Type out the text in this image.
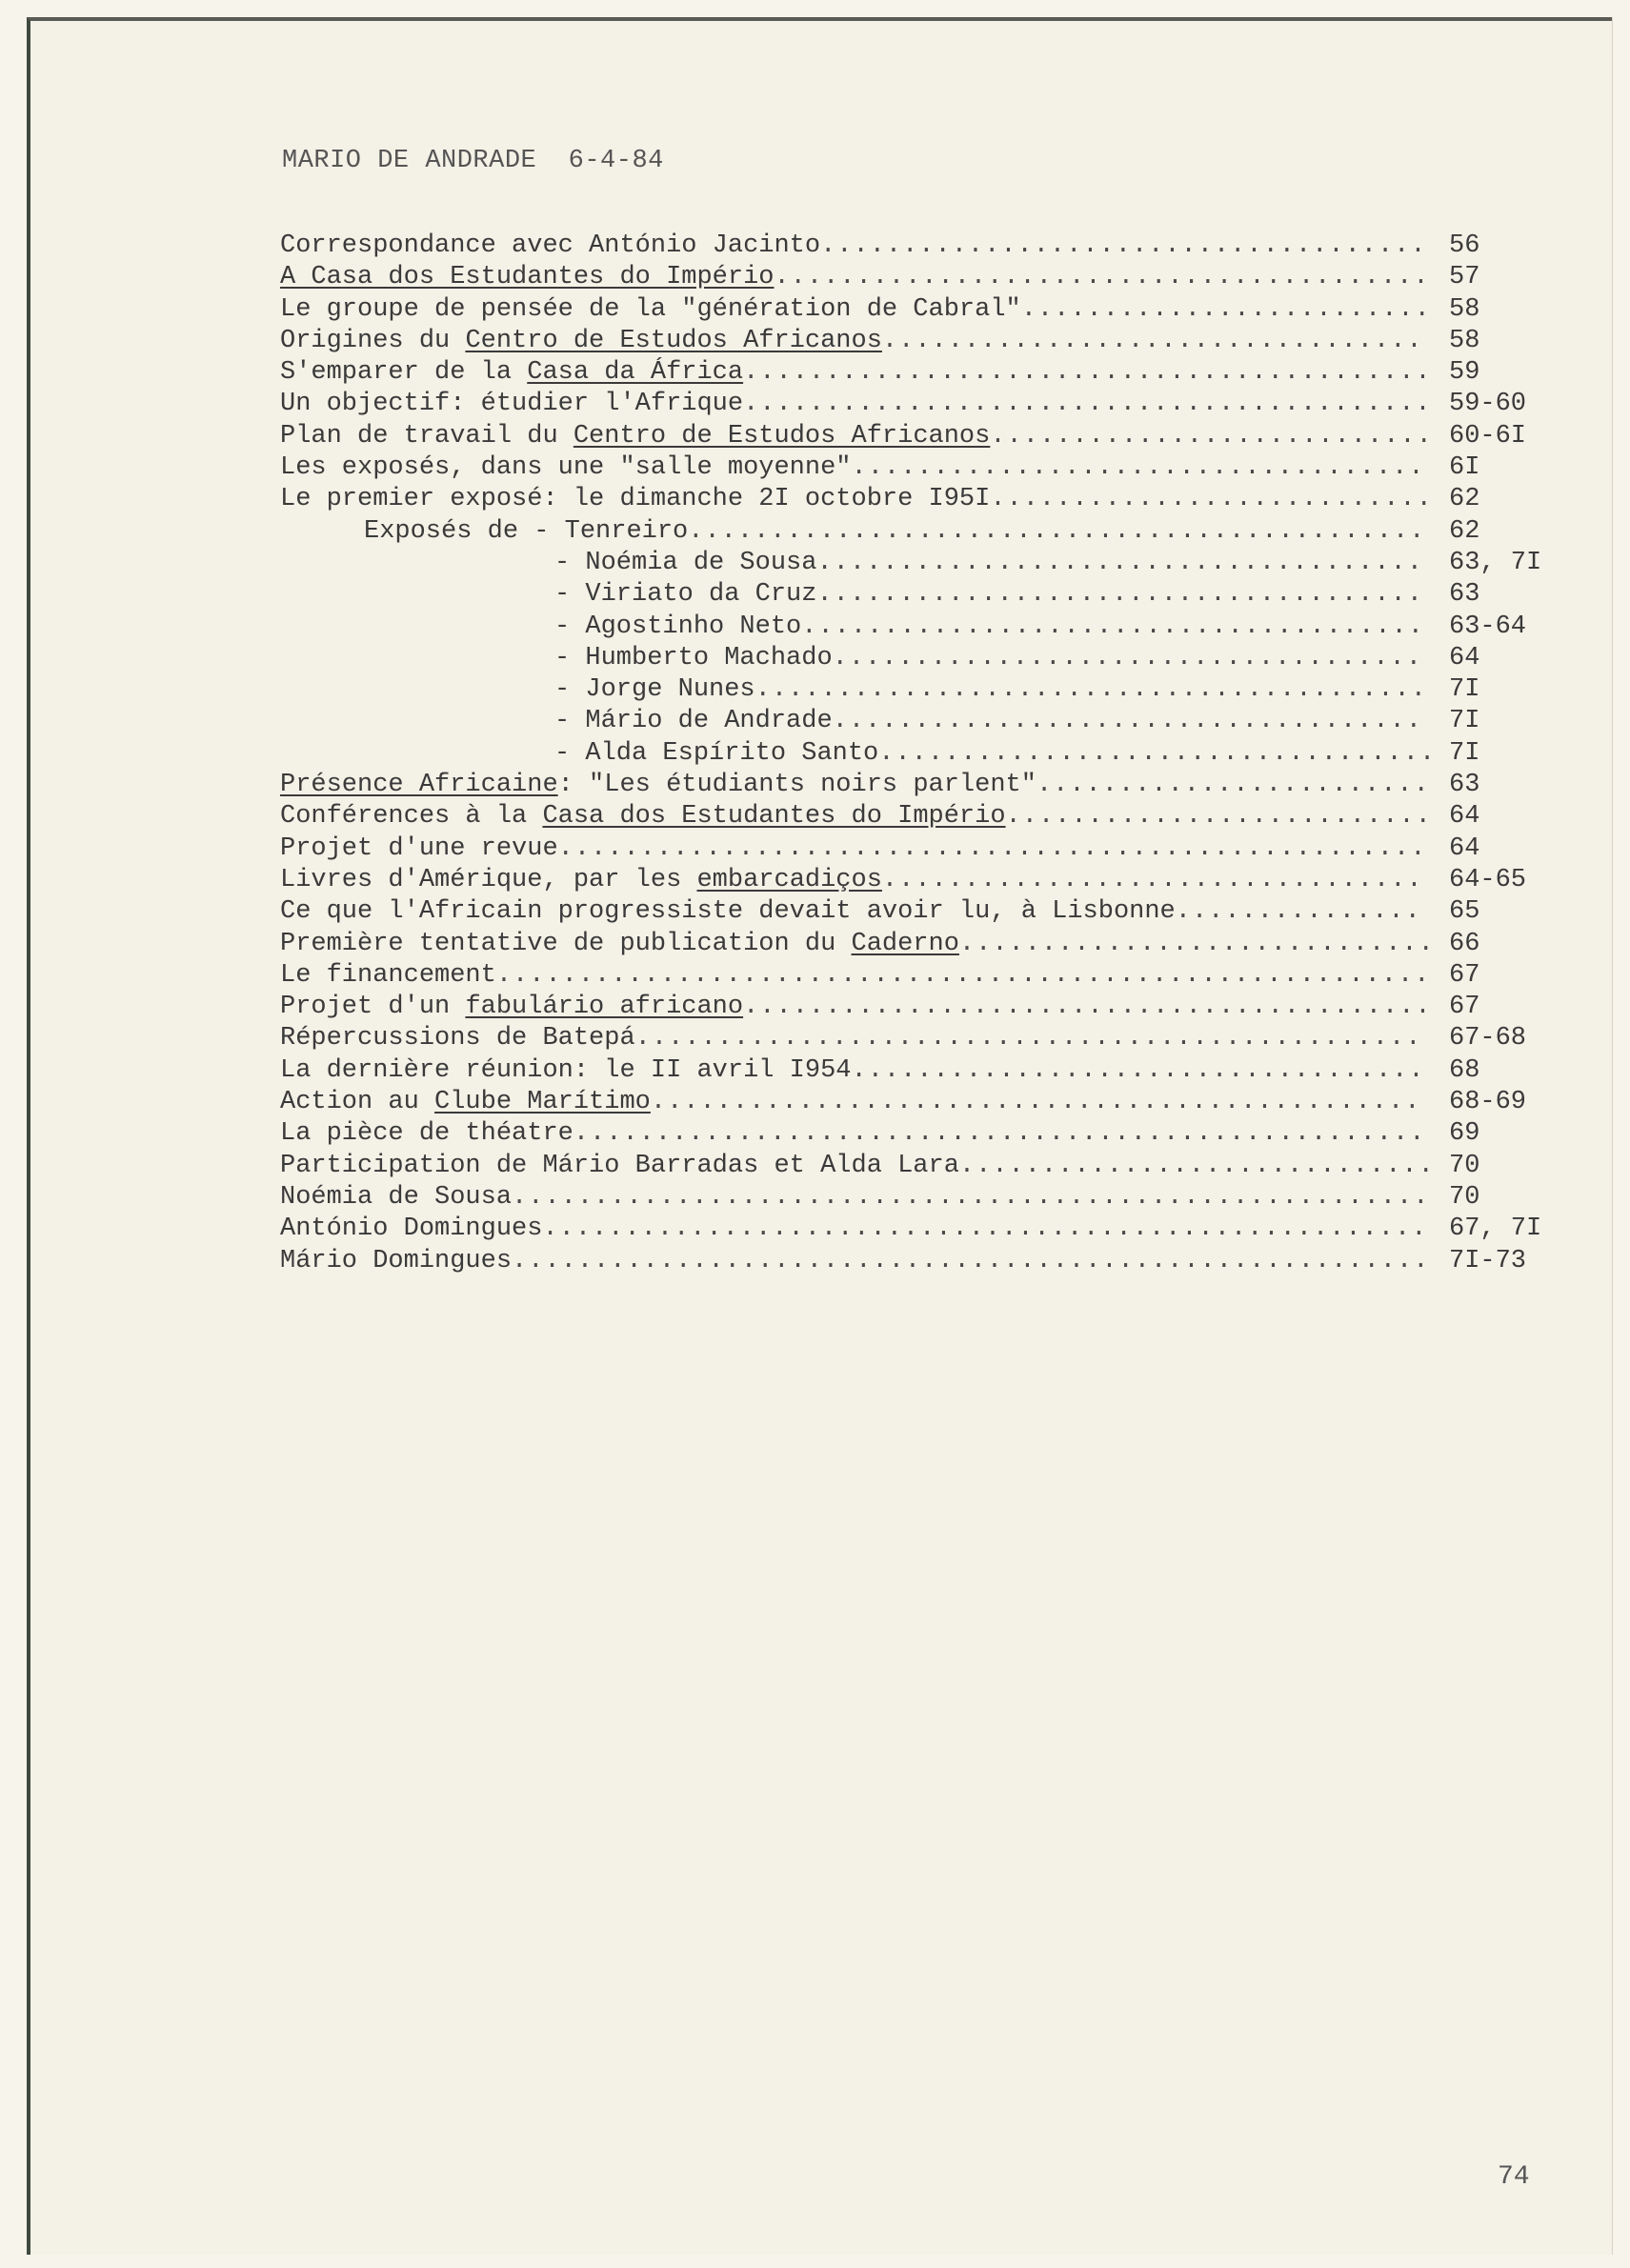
MARIO DE ANDRADE  6-4-84
Correspondance avec António Jacinto..................................... 56
A Casa dos Estudantes do Império........................................ 57
Le groupe de pensée de la "génération de Cabral"......................... 58
Origines du Centro de Estudos Africanos................................. 58
S'emparer de la Casa da África.......................................... 59
Un objectif: étudier l'Afrique.......................................... 59-60
Plan de travail du Centro de Estudos Africanos........................... 60-6I
Les exposés, dans une "salle moyenne"................................... 6I
Le premier exposé: le dimanche 2I octobre I95I........................... 62
Exposés de - Tenreiro............................................. 62
- Noémia de Sousa..................................... 63, 7I
- Viriato da Cruz..................................... 63
- Agostinho Neto...................................... 63-64
- Humberto Machado.................................... 64
- Jorge Nunes......................................... 7I
- Mário de Andrade.................................... 7I
- Alda Espírito Santo.................................. 7I
Présence Africaine: "Les étudiants noirs parlent"........................ 63
Conférences à la Casa dos Estudantes do Império.......................... 64
Projet d'une revue..................................................... 64
Livres d'Amérique, par les embarcadiços................................. 64-65
Ce que l'Africain progressiste devait avoir lu, à Lisbonne............... 65
Première tentative de publication du Caderno............................. 66
Le financement......................................................... 67
Projet d'un fabulário africano.......................................... 67
Répercussions de Batepá................................................ 67-68
La dernière réunion: le II avril I954................................... 68
Action au Clube Marítimo............................................... 68-69
La pièce de théatre.................................................... 69
Participation de Mário Barradas et Alda Lara............................. 70
Noémia de Sousa........................................................ 70
António Domingues...................................................... 67, 7I
Mário Domingues........................................................ 7I-73
74
